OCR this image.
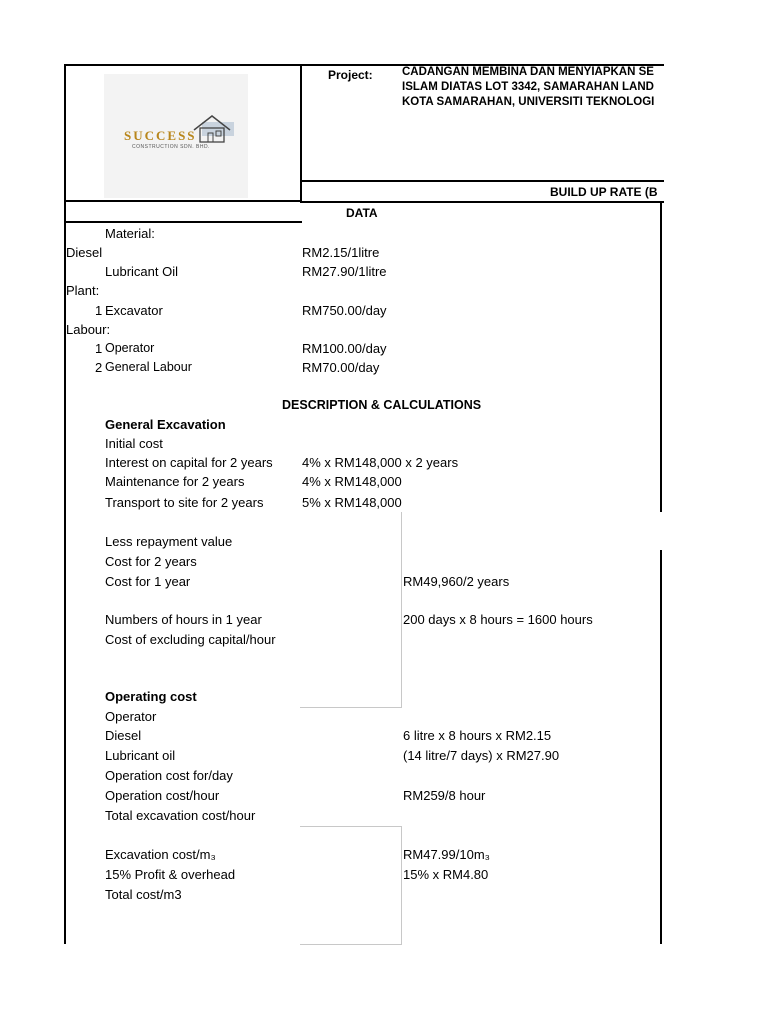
SUCCESS
CONSTRUCTION SDN. BHD.
Project:	CADANGAN MEMBINA DAN MENYIAPKAN SE
ISLAM DIATAS LOT 3342, SAMARAHAN LAND
KOTA SAMARAHAN, UNIVERSITI TEKNOLOGI
BUILD UP RATE (B
DATA
Material:
Diesel	RM2.15/1litre
Lubricant Oil	RM27.90/1litre
Plant:
1 Excavator	RM750.00/day
Labour:
1 Operator	RM100.00/day
2 General Labour	RM70.00/day
DESCRIPTION & CALCULATIONS
General Excavation
Initial cost
Interest on capital for 2 years 4% x RM148,000 x 2 years
Maintenance for 2 years	4% x RM148,000
Transport to site for 2 years	5% x RM148,000
Less repayment value
Cost for 2 years
Cost for 1 year	RM49,960/2 years
Numbers of hours in 1 year	200 days x 8 hours = 1600 hours
Cost of excluding capital/hour
Operating cost
Operator
Diesel	6 litre x 8 hours x RM2.15
Lubricant oil	(14 litre/7 days) x RM27.90
Operation cost for/day
Operation cost/hour	RM259/8 hour
Total excavation cost/hour
Excavation cost/m₃	RM47.99/10m₃
15% Profit & overhead	15% x RM4.80
Total cost/m3
